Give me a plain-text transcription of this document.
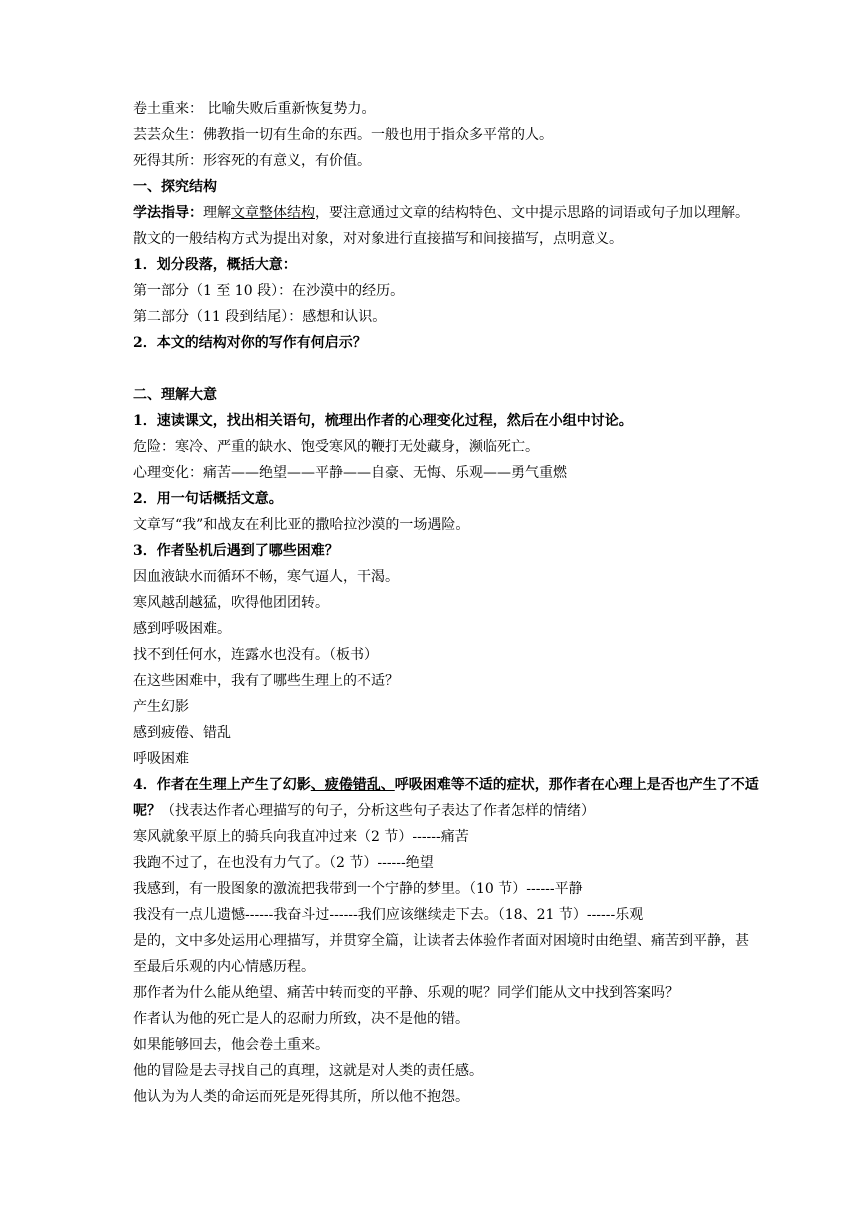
卷土重来： 比喻失败后重新恢复势力。
芸芸众生：佛教指一切有生命的东西。一般也用于指众多平常的人。
死得其所：形容死的有意义，有价值。
一、探究结构
学法指导：理解文章整体结构，要注意通过文章的结构特色、文中提示思路的词语或句子加以理解。散文的一般结构方式为提出对象，对对象进行直接描写和间接描写，点明意义。
1．划分段落，概括大意：
第一部分（1 至 10 段）：在沙漠中的经历。
第二部分（11 段到结尾）：感想和认识。
2．本文的结构对你的写作有何启示？
二、理解大意
1．速读课文，找出相关语句，梳理出作者的心理变化过程，然后在小组中讨论。
危险：寒冷、严重的缺水、饱受寒风的鞭打无处藏身，濒临死亡。
心理变化：痛苦——绝望——平静——自豪、无悔、乐观——勇气重燃
2．用一句话概括文意。
文章写“我”和战友在利比亚的撒哈拉沙漠的一场遇险。
3．作者坠机后遇到了哪些困难？
因血液缺水而循环不畅，寒气逼人，干渴。
寒风越刮越猛，吹得他团团转。
感到呼吸困难。
找不到任何水，连露水也没有。（板书）
在这些困难中，我有了哪些生理上的不适？
产生幻影
感到疲倦、错乱
呼吸困难
4．作者在生理上产生了幻影、疲倦错乱、呼吸困难等不适的症状，那作者在心理上是否也产生了不适呢？（找表达作者心理描写的句子，分析这些句子表达了作者怎样的情绪）
寒风就象平原上的骑兵向我直冲过来（2 节）------痛苦
我跑不过了，在也没有力气了。（2 节）------绝望
我感到，有一股图象的激流把我带到一个宁静的梦里。（10 节）------平静
我没有一点儿遗憾------我奋斗过------我们应该继续走下去。（18、21 节）------乐观
是的，文中多处运用心理描写，并贯穿全篇，让读者去体验作者面对困境时由绝望、痛苦到平静，甚至最后乐观的内心情感历程。
那作者为什么能从绝望、痛苦中转而变的平静、乐观的呢？同学们能从文中找到答案吗？
作者认为他的死亡是人的忍耐力所致，决不是他的错。
如果能够回去，他会卷土重来。
他的冒险是去寻找自己的真理，这就是对人类的责任感。
他认为为人类的命运而死是死得其所，所以他不抱怨。
